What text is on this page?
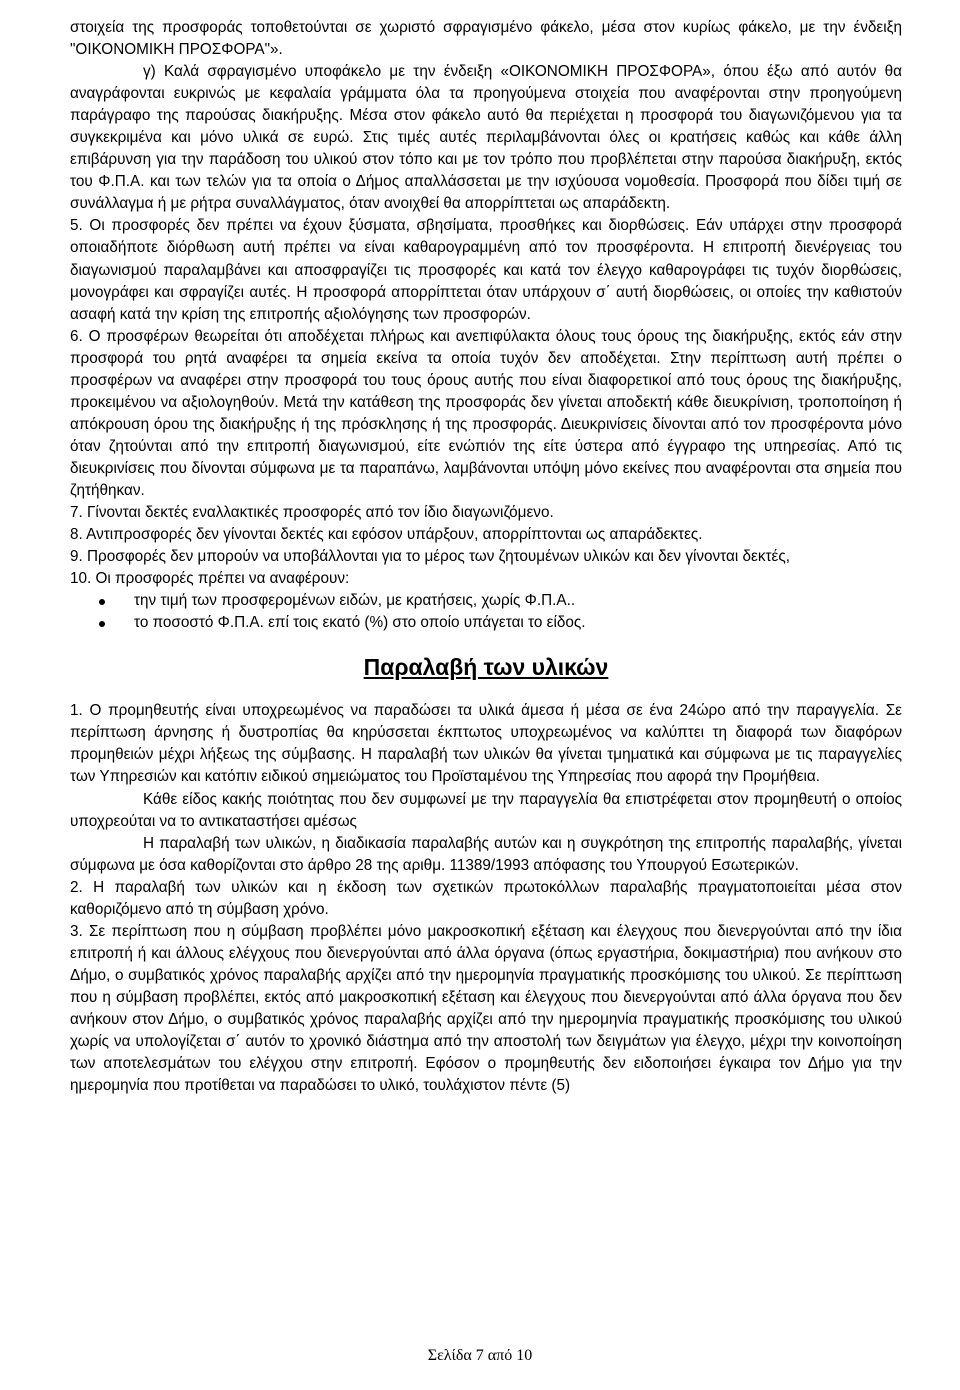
στοιχεία της προσφοράς τοποθετούνται σε χωριστό σφραγισμένο φάκελο, μέσα στον κυρίως φάκελο, με την ένδειξη "ΟΙΚΟΝΟΜΙΚΗ ΠΡΟΣΦΟΡΑ"».

γ) Καλά σφραγισμένο υποφάκελο με την ένδειξη «ΟΙΚΟΝΟΜΙΚΗ ΠΡΟΣΦΟΡΑ», όπου έξω από αυτόν θα αναγράφονται ευκρινώς με κεφαλαία γράμματα όλα τα προηγούμενα στοιχεία που αναφέρονται στην προηγούμενη παράγραφο της παρούσας διακήρυξης. Μέσα στον φάκελο αυτό θα περιέχεται η προσφορά του διαγωνιζόμενου για τα συγκεκριμένα και μόνο υλικά σε ευρώ. Στις τιμές αυτές περιλαμβάνονται όλες οι κρατήσεις καθώς και κάθε άλλη επιβάρυνση για την παράδοση του υλικού στον τόπο και με τον τρόπο που προβλέπεται στην παρούσα διακήρυξη, εκτός του Φ.Π.Α. και των τελών για τα οποία ο Δήμος απαλλάσσεται με την ισχύουσα νομοθεσία. Προσφορά που δίδει τιμή σε συνάλλαγμα ή με ρήτρα συναλλάγματος, όταν ανοιχθεί θα απορρίπτεται ως απαράδεκτη.

5. Οι προσφορές δεν πρέπει να έχουν ξύσματα, σβησίματα, προσθήκες και διορθώσεις. Εάν υπάρχει στην προσφορά οποιαδήποτε διόρθωση αυτή πρέπει να είναι καθαρογραμμένη από τον προσφέροντα. Η επιτροπή διενέργειας του διαγωνισμού παραλαμβάνει και αποσφραγίζει τις προσφορές και κατά τον έλεγχο καθαρογράφει τις τυχόν διορθώσεις, μονογράφει και σφραγίζει αυτές. Η προσφορά απορρίπτεται όταν υπάρχουν σ΄ αυτή διορθώσεις, οι οποίες την καθιστούν ασαφή κατά την κρίση της επιτροπής αξιολόγησης των προσφορών.

6. Ο προσφέρων θεωρείται ότι αποδέχεται πλήρως και ανεπιφύλακτα όλους τους όρους της διακήρυξης, εκτός εάν στην προσφορά του ρητά αναφέρει τα σημεία εκείνα τα οποία τυχόν δεν αποδέχεται. Στην περίπτωση αυτή πρέπει ο προσφέρων να αναφέρει στην προσφορά του τους όρους αυτής που είναι διαφορετικοί από τους όρους της διακήρυξης, προκειμένου να αξιολογηθούν. Μετά την κατάθεση της προσφοράς δεν γίνεται αποδεκτή κάθε διευκρίνιση, τροποποίηση ή απόκρουση όρου της διακήρυξης ή της πρόσκλησης ή της προσφοράς. Διευκρινίσεις δίνονται από τον προσφέροντα μόνο όταν ζητούνται από την επιτροπή διαγωνισμού, είτε ενώπιόν της είτε ύστερα από έγγραφο της υπηρεσίας. Από τις διευκρινίσεις που δίνονται σύμφωνα με τα παραπάνω, λαμβάνονται υπόψη μόνο εκείνες που αναφέρονται στα σημεία που ζητήθηκαν.

7. Γίνονται δεκτές εναλλακτικές προσφορές από τον ίδιο διαγωνιζόμενο.

8. Αντιπροσφορές δεν γίνονται δεκτές και εφόσον υπάρξουν, απορρίπτονται ως απαράδεκτες.

9. Προσφορές δεν μπορούν να υποβάλλονται για το μέρος των ζητουμένων υλικών και δεν γίνονται δεκτές,

10. Οι προσφορές πρέπει να αναφέρουν:

την τιμή των προσφερομένων ειδών, με κρατήσεις, χωρίς Φ.Π.Α..
το ποσοστό Φ.Π.Α. επί τοις εκατό (%) στο οποίο υπάγεται το είδος.
Παραλαβή των υλικών

1. Ο προμηθευτής είναι υποχρεωμένος να παραδώσει τα υλικά άμεσα ή μέσα σε ένα 24ώρο από την παραγγελία. Σε περίπτωση άρνησης ή δυστροπίας θα κηρύσσεται έκπτωτος υποχρεωμένος να καλύπτει τη διαφορά των διαφόρων προμηθειών μέχρι λήξεως της σύμβασης. Η παραλαβή των υλικών θα γίνεται τμηματικά και σύμφωνα με τις παραγγελίες των Υπηρεσιών και κατόπιν ειδικού σημειώματος του Προϊσταμένου της Υπηρεσίας που αφορά την Προμήθεια.

Κάθε είδος κακής ποιότητας που δεν συμφωνεί με την παραγγελία θα επιστρέφεται στον προμηθευτή ο οποίος υποχρεούται να το αντικαταστήσει αμέσως

Η παραλαβή των υλικών, η διαδικασία παραλαβής αυτών και η συγκρότηση της επιτροπής παραλαβής, γίνεται σύμφωνα με όσα καθορίζονται στο άρθρο 28 της αριθμ. 11389/1993 απόφασης του Υπουργού Εσωτερικών.

2. Η παραλαβή των υλικών και η έκδοση των σχετικών πρωτοκόλλων παραλαβής πραγματοποιείται μέσα στον καθοριζόμενο από τη σύμβαση χρόνο.

3. Σε περίπτωση που η σύμβαση προβλέπει μόνο μακροσκοπική εξέταση και έλεγχους που διενεργούνται από την ίδια επιτροπή ή και άλλους ελέγχους που διενεργούνται από άλλα όργανα (όπως εργαστήρια, δοκιμαστήρια) που ανήκουν στο Δήμο, ο συμβατικός χρόνος παραλαβής αρχίζει από την ημερομηνία πραγματικής προσκόμισης του υλικού. Σε περίπτωση που η σύμβαση προβλέπει, εκτός από μακροσκοπική εξέταση και έλεγχους που διενεργούνται από άλλα όργανα που δεν ανήκουν στον Δήμο, ο συμβατικός χρόνος παραλαβής αρχίζει από την ημερομηνία πραγματικής προσκόμισης του υλικού χωρίς να υπολογίζεται σ΄ αυτόν το χρονικό διάστημα από την αποστολή των δειγμάτων για έλεγχο, μέχρι την κοινοποίηση των αποτελεσμάτων του ελέγχου στην επιτροπή. Εφόσον ο προμηθευτής δεν ειδοποιήσει έγκαιρα τον Δήμο για την ημερομηνία που προτίθεται να παραδώσει το υλικό, τουλάχιστον πέντε (5)

Σελίδα 7 από 10
